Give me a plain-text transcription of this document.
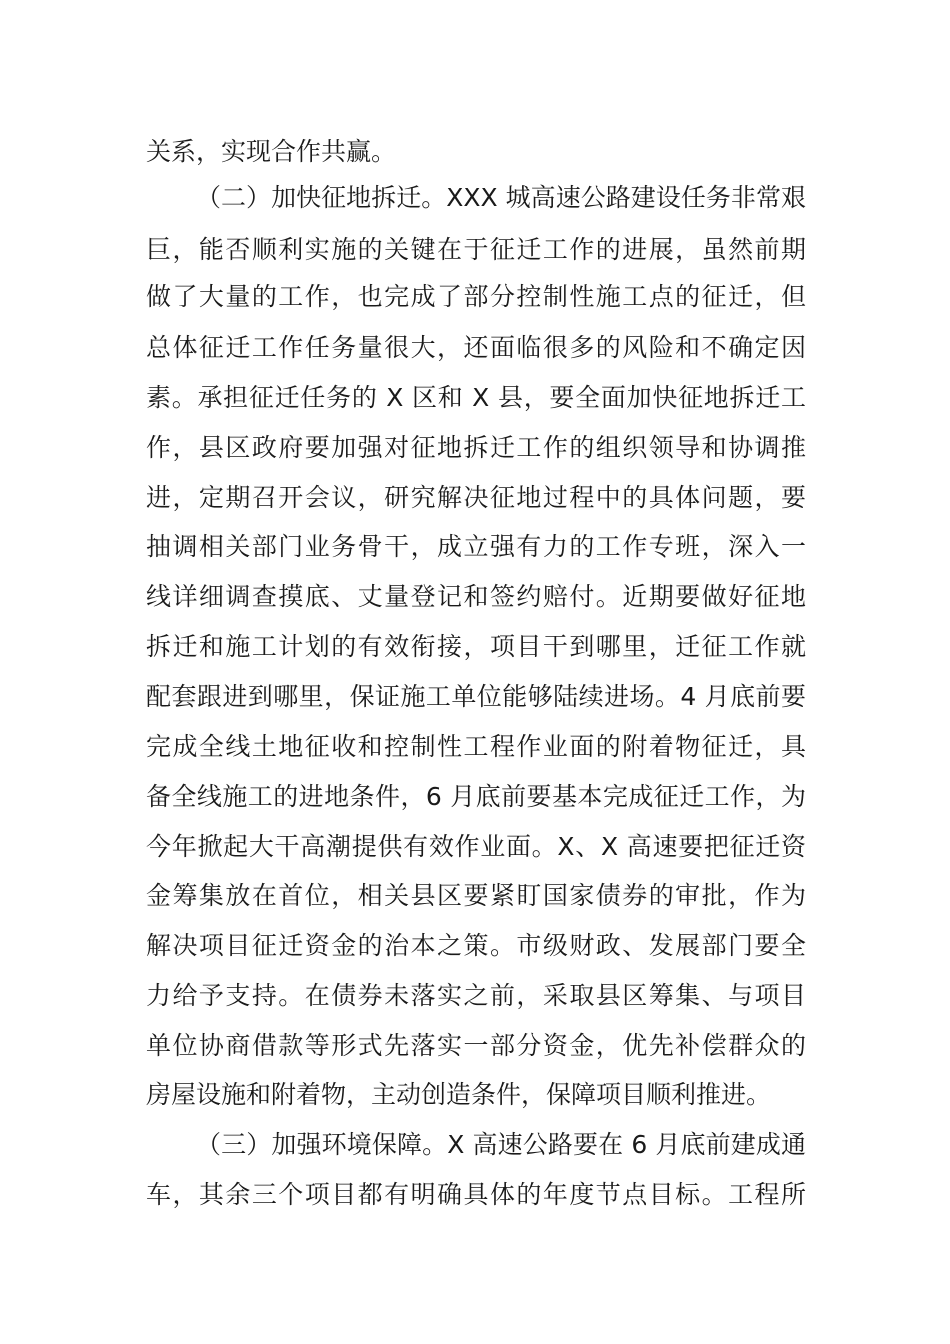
关系，实现合作共赢。
（二）加快征地拆迁。XXX 城高速公路建设任务非常艰
巨，能否顺利实施的关键在于征迁工作的进展，虽然前期
做了大量的工作，也完成了部分控制性施工点的征迁，但
总体征迁工作任务量很大，还面临很多的风险和不确定因
素。承担征迁任务的 X 区和 X 县，要全面加快征地拆迁工
作，县区政府要加强对征地拆迁工作的组织领导和协调推
进，定期召开会议，研究解决征地过程中的具体问题，要
抽调相关部门业务骨干，成立强有力的工作专班，深入一
线详细调查摸底、丈量登记和签约赔付。近期要做好征地
拆迁和施工计划的有效衔接，项目干到哪里，迁征工作就
配套跟进到哪里，保证施工单位能够陆续进场。4 月底前要
完成全线土地征收和控制性工程作业面的附着物征迁，具
备全线施工的进地条件，6 月底前要基本完成征迁工作，为
今年掀起大干高潮提供有效作业面。X、X 高速要把征迁资
金筹集放在首位，相关县区要紧盯国家债券的审批，作为
解决项目征迁资金的治本之策。市级财政、发展部门要全
力给予支持。在债券未落实之前，采取县区筹集、与项目
单位协商借款等形式先落实一部分资金，优先补偿群众的
房屋设施和附着物，主动创造条件，保障项目顺利推进。
（三）加强环境保障。X 高速公路要在 6 月底前建成通
车，其余三个项目都有明确具体的年度节点目标。工程所
